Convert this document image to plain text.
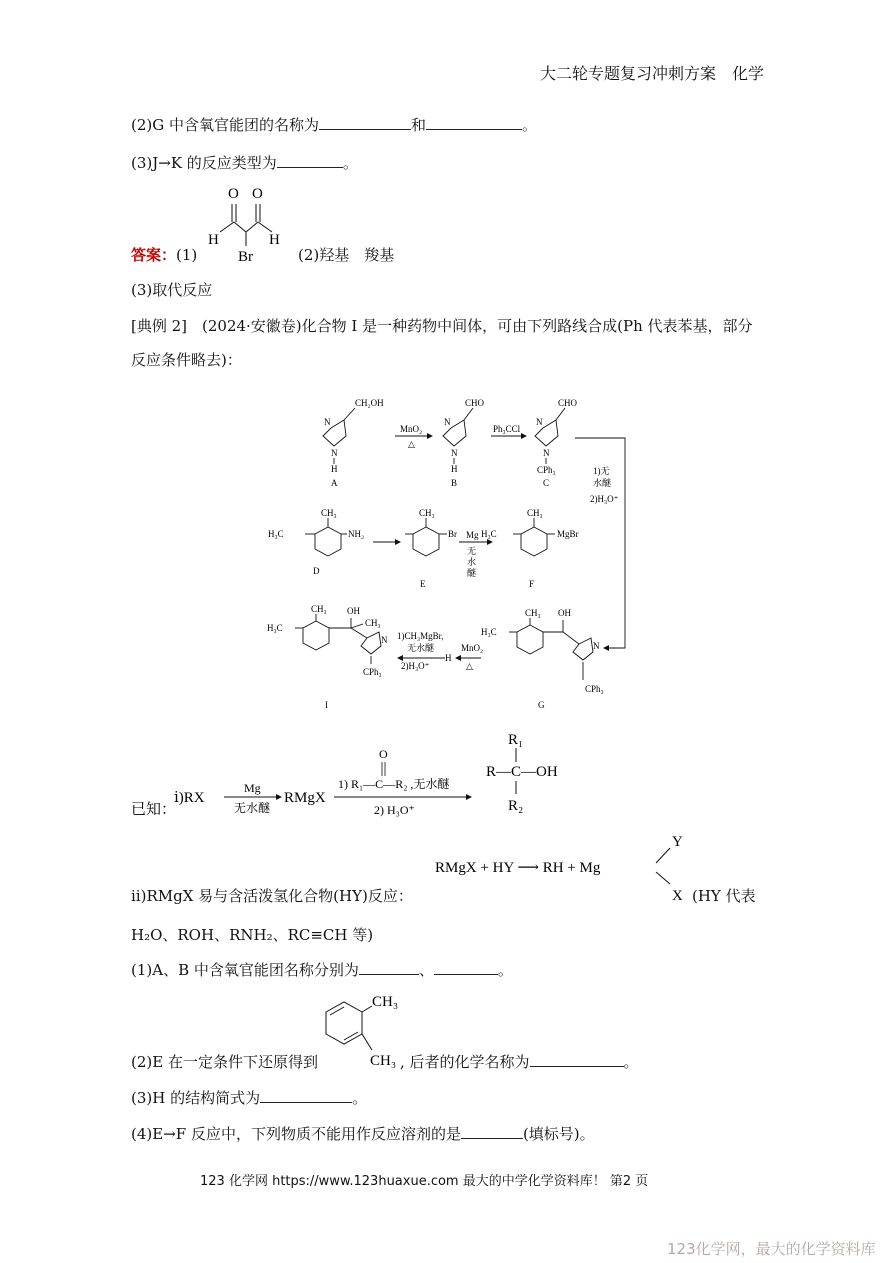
大二轮专题复习冲刺方案　化学
(2)G 中含氧官能团的名称为	和	。
(3)J→K 的反应类型为	。
答案：(1)
O O
H	H
Br	(2)羟基　羧基
(3)取代反应
[典例 2]　(2024·安徽卷)化合物 I 是一种药物中间体，可由下列路线合成(Ph 代表苯基，部分
反应条件略去)：
CH₂OH
N
N
H
A
MnO₂
△
CHO
N
N
H
B
Ph₃CCl
CHO
N
N
CPh₃
C
1)无
水醚
2)H₃O⁺
CH₃
H₃C	NH₂
D
CH₃
Br
E
Mg
无
水
醚
CH₃
H₃C	MgBr
F
CH₃
H₃C
OH
CH₃
N
CPh₃
I
1)CH₃MgBr,
无水醚
2)H₃O⁺
H
MnO₂
△
CH₃
H₃C
OH
N
CPh₃
G
已知：
ⅰ)RX
Mg
无水醚
RMgX
O
1) R₁—C—R₂ ,无水醚
2) H₃O⁺
R₁
R—C—OH
R₂
RMgX + HY ⟶ RH + Mg
Y
X
ⅱ)RMgX 易与含活泼氢化合物(HY)反应：	(HY 代表
H₂O、ROH、RNH₂、RC≡CH 等)
(1)A、B 中含氧官能团名称分别为	、	。
CH₃
CH₃
(2)E 在一定条件下还原得到	, 后者的化学名称为	。
(3)H 的结构简式为	。
(4)E→F 反应中，下列物质不能用作反应溶剂的是	(填标号)。
123 化学网 https://www.123huaxue.com 最大的中学化学资料库！ 第2 页
123化学网，最大的化学资料库
